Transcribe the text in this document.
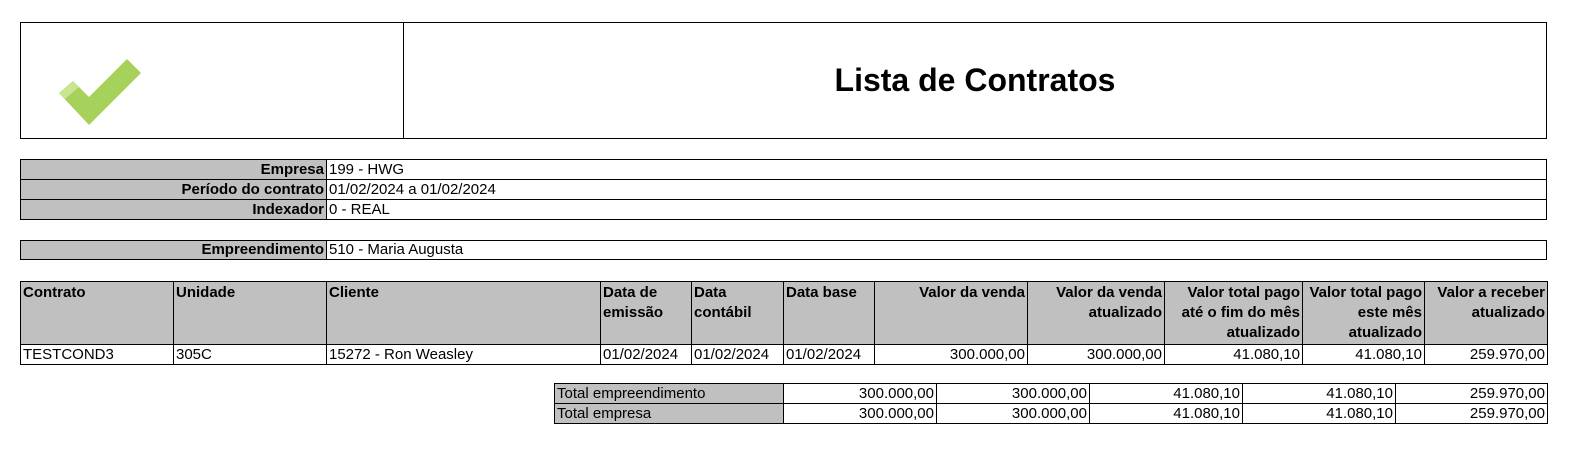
Lista de Contratos
Empresa	199 - HWG
Período do contrato	01/02/2024 a 01/02/2024
Indexador	0 - REAL
Empreendimento	510 - Maria Augusta
Contrato	Unidade	Cliente	Data de emissão	Data contábil	Data base	Valor da venda	Valor da venda atualizado	Valor total pago até o fim do mês atualizado	Valor total pago este mês atualizado	Valor a receber atualizado
TESTCOND3	305C	15272 - Ron Weasley	01/02/2024	01/02/2024	01/02/2024	300.000,00	300.000,00	41.080,10	41.080,10	259.970,00
Total empreendimento	300.000,00	300.000,00	41.080,10	41.080,10	259.970,00
Total empresa	300.000,00	300.000,00	41.080,10	41.080,10	259.970,00
